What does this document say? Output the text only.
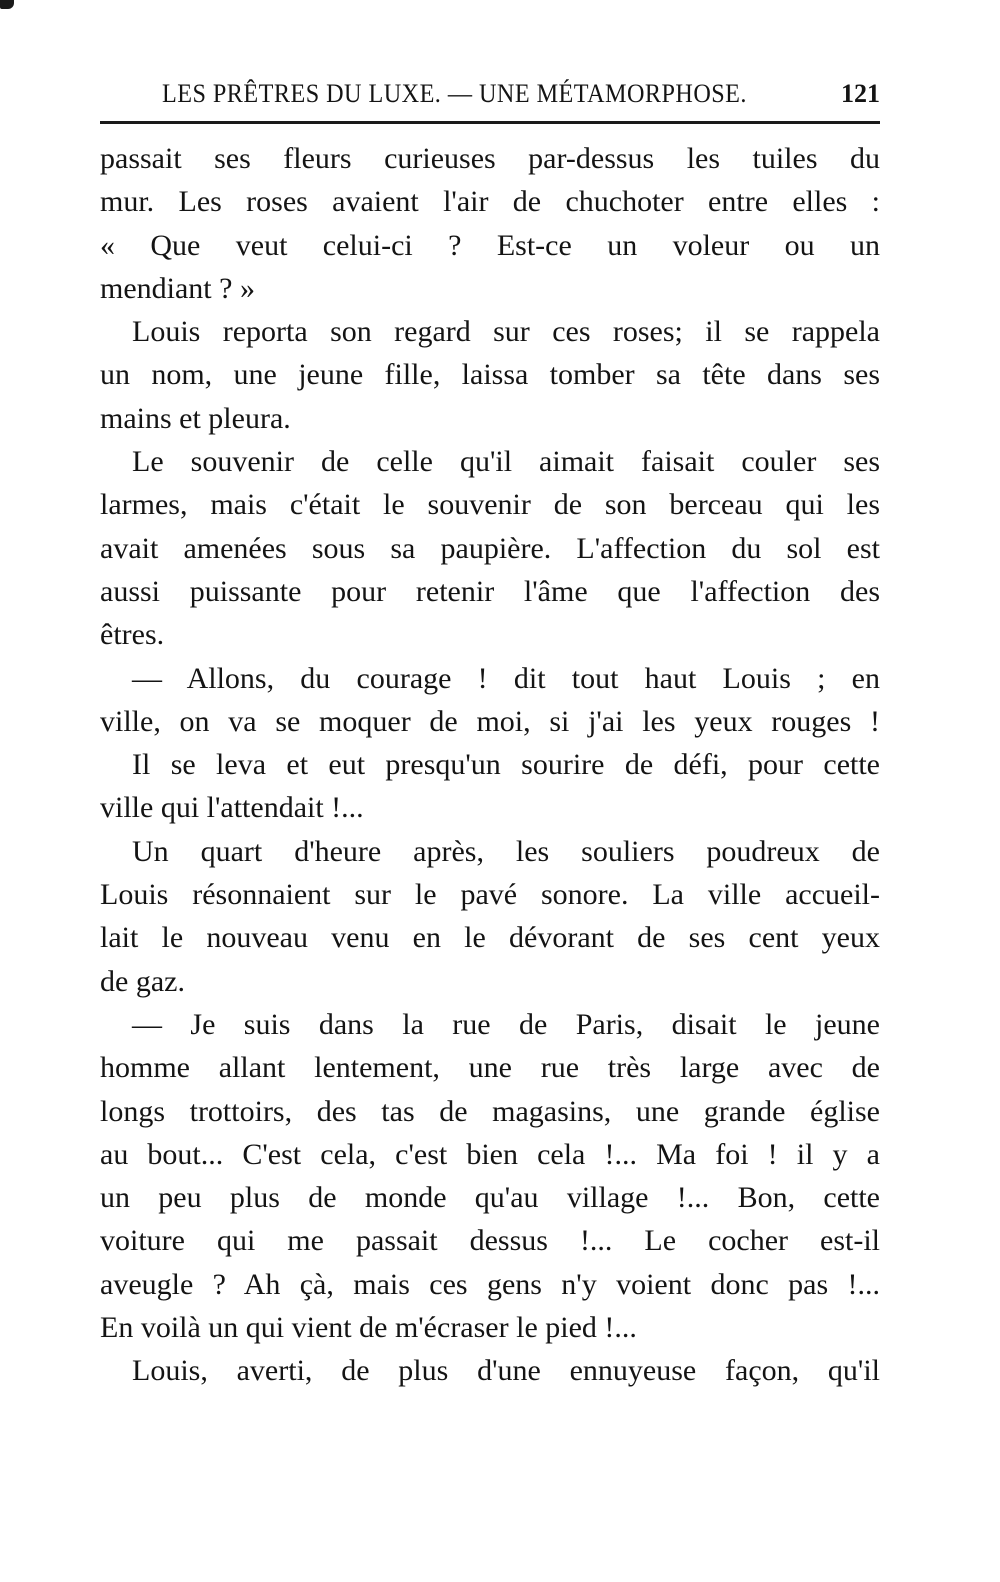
LES PRÊTRES DU LUXE. — UNE MÉTAMORPHOSE.	121
passait ses fleurs curieuses par-dessus les tuiles du
mur. Les roses avaient l'air de chuchoter entre elles :
« Que veut celui-ci ? Est-ce un voleur ou un
mendiant ? »
Louis reporta son regard sur ces roses; il se rappela
un nom, une jeune fille, laissa tomber sa tête dans ses
mains et pleura.
Le souvenir de celle qu'il aimait faisait couler ses
larmes, mais c'était le souvenir de son berceau qui les
avait amenées sous sa paupière. L'affection du sol est
aussi puissante pour retenir l'âme que l'affection des
êtres.
— Allons, du courage ! dit tout haut Louis ; en
ville, on va se moquer de moi, si j'ai les yeux rouges !
Il se leva et eut presqu'un sourire de défi, pour cette
ville qui l'attendait !...
Un quart d'heure après, les souliers poudreux de
Louis résonnaient sur le pavé sonore. La ville accueil-
lait le nouveau venu en le dévorant de ses cent yeux
de gaz.
— Je suis dans la rue de Paris, disait le jeune
homme allant lentement, une rue très large avec de
longs trottoirs, des tas de magasins, une grande église
au bout... C'est cela, c'est bien cela !... Ma foi ! il y a
un peu plus de monde qu'au village !... Bon, cette
voiture qui me passait dessus !... Le cocher est-il
aveugle ? Ah çà, mais ces gens n'y voient donc pas !...
En voilà un qui vient de m'écraser le pied !...
Louis, averti, de plus d'une ennuyeuse façon, qu'il
